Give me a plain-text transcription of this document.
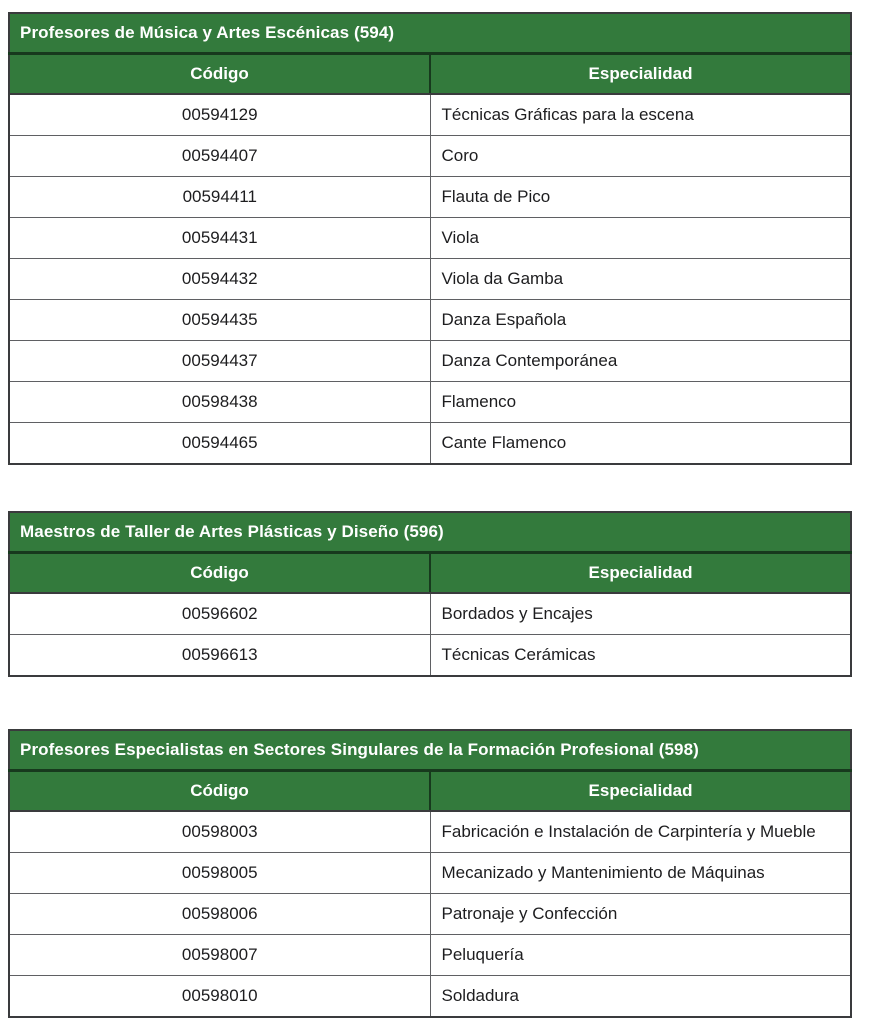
Profesores de Música y Artes Escénicas (594)	
Código	Especialidad
00594129	Técnicas Gráficas para la escena
00594407	Coro
00594411	Flauta de Pico
00594431	Viola
00594432	Viola da Gamba
00594435	Danza Española
00594437	Danza Contemporánea
00598438	Flamenco
00594465	Cante Flamenco
Maestros de Taller de Artes Plásticas y Diseño (596)	
Código	Especialidad
00596602	Bordados y Encajes
00596613	Técnicas Cerámicas
Profesores Especialistas en Sectores Singulares de la Formación Profesional (598)	
Código	Especialidad
00598003	Fabricación e Instalación de Carpintería y Mueble
00598005	Mecanizado y Mantenimiento de Máquinas
00598006	Patronaje y Confección
00598007	Peluquería
00598010	Soldadura
